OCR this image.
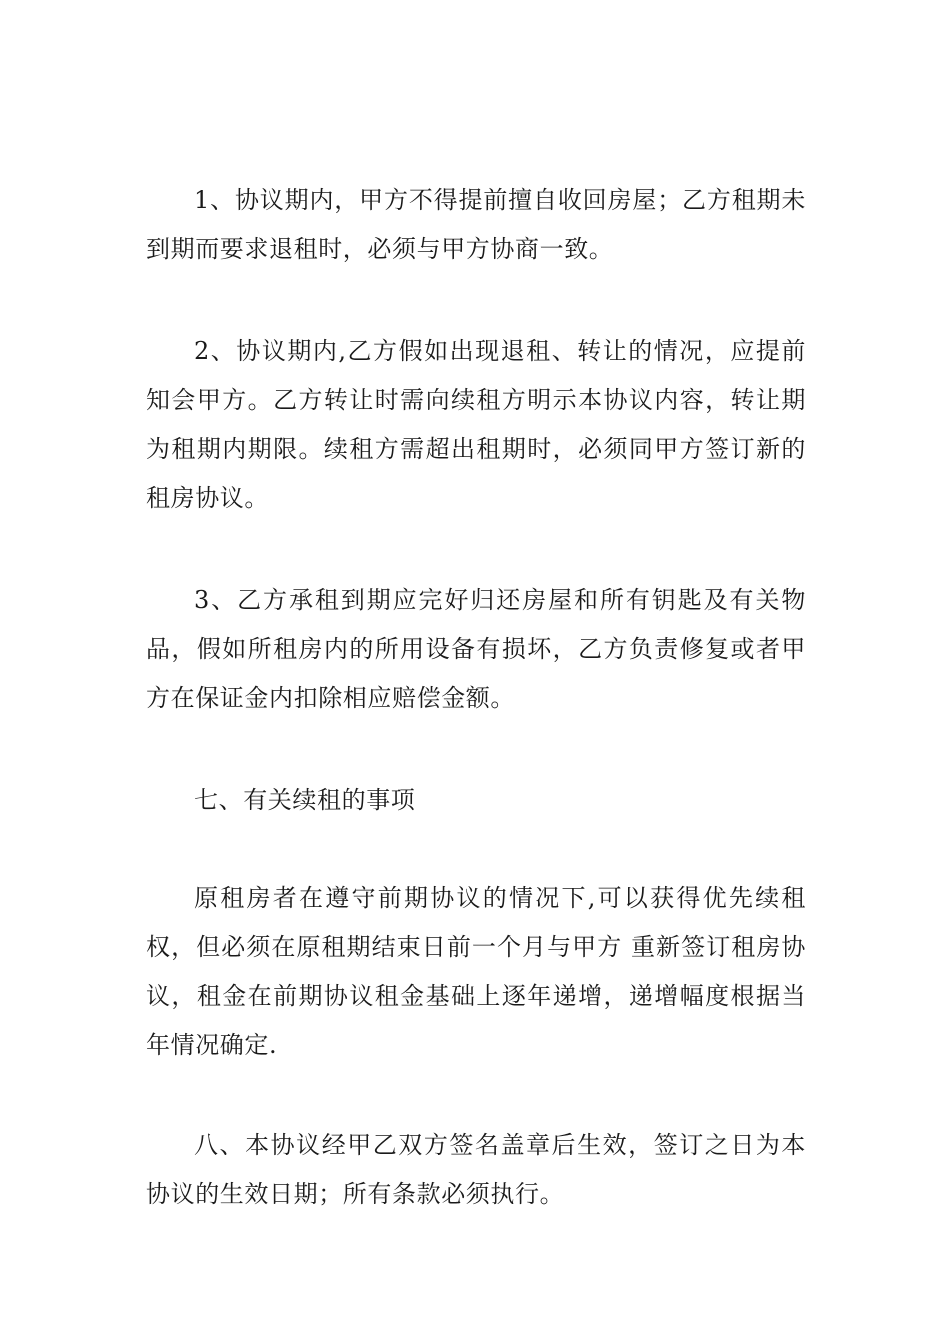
1、协议期内，甲方不得提前擅自收回房屋；乙方租期未到期而要求退租时，必须与甲方协商一致。

2、协议期内,乙方假如出现退租、转让的情况，应提前知会甲方。乙方转让时需向续租方明示本协议内容，转让期为租期内期限。续租方需超出租期时，必须同甲方签订新的租房协议。

3、乙方承租到期应完好归还房屋和所有钥匙及有关物品，假如所租房内的所用设备有损坏，乙方负责修复或者甲方在保证金内扣除相应赔偿金额。

七、有关续租的事项

原租房者在遵守前期协议的情况下,可以获得优先续租权，但必须在原租期结束日前一个月与甲方 重新签订租房协议，租金在前期协议租金基础上逐年递增，递增幅度根据当年情况确定.

八、本协议经甲乙双方签名盖章后生效，签订之日为本协议的生效日期；所有条款必须执行。
